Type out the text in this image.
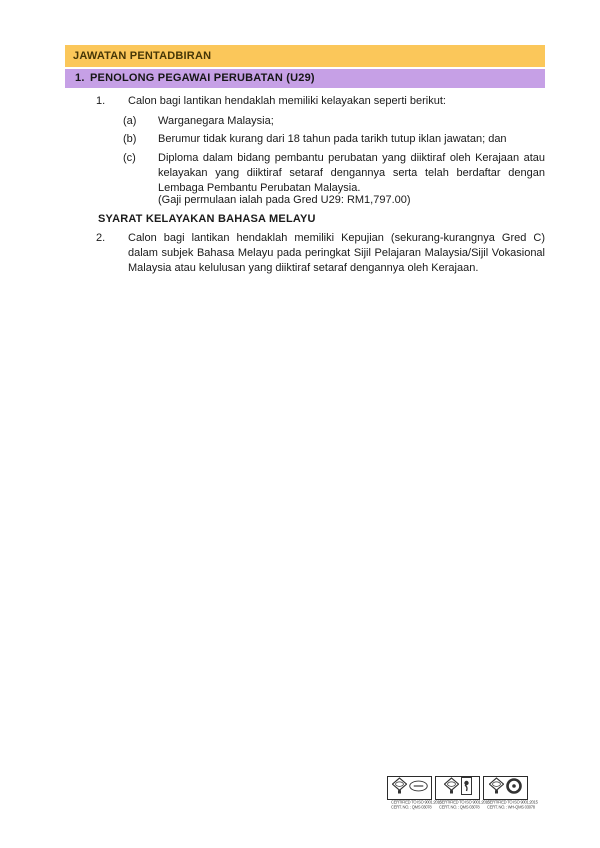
JAWATAN PENTADBIRAN
1. PENOLONG PEGAWAI PERUBATAN (U29)
1.	Calon bagi lantikan hendaklah memiliki kelayakan seperti berikut:
(a)	Warganegara Malaysia;
(b)	Berumur tidak kurang dari 18 tahun pada tarikh tutup iklan jawatan; dan
(c)	Diploma dalam bidang pembantu perubatan yang diiktiraf oleh Kerajaan atau kelayakan yang diiktiraf setaraf dengannya serta telah berdaftar dengan Lembaga Pembantu Perubatan Malaysia.
(Gaji permulaan ialah pada Gred U29: RM1,797.00)
SYARAT KELAYAKAN BAHASA MELAYU
2.	Calon bagi lantikan hendaklah memiliki Kepujian (sekurang-kurangnya Gred C) dalam subjek Bahasa Melayu pada peringkat Sijil Pelajaran Malaysia/Sijil Vokasional Malaysia atau kelulusan yang diiktiraf setaraf dengannya oleh Kerajaan.
CERTIFIED TO ISO 9001:2015
CERT. NO. : QMS 03078
CERTIFIED TO ISO 9001:2015
CERT. NO. : QMS 03078
CERTIFIED TO ISO 9001:2015
CERT. NO. : WH-QMS 03078
